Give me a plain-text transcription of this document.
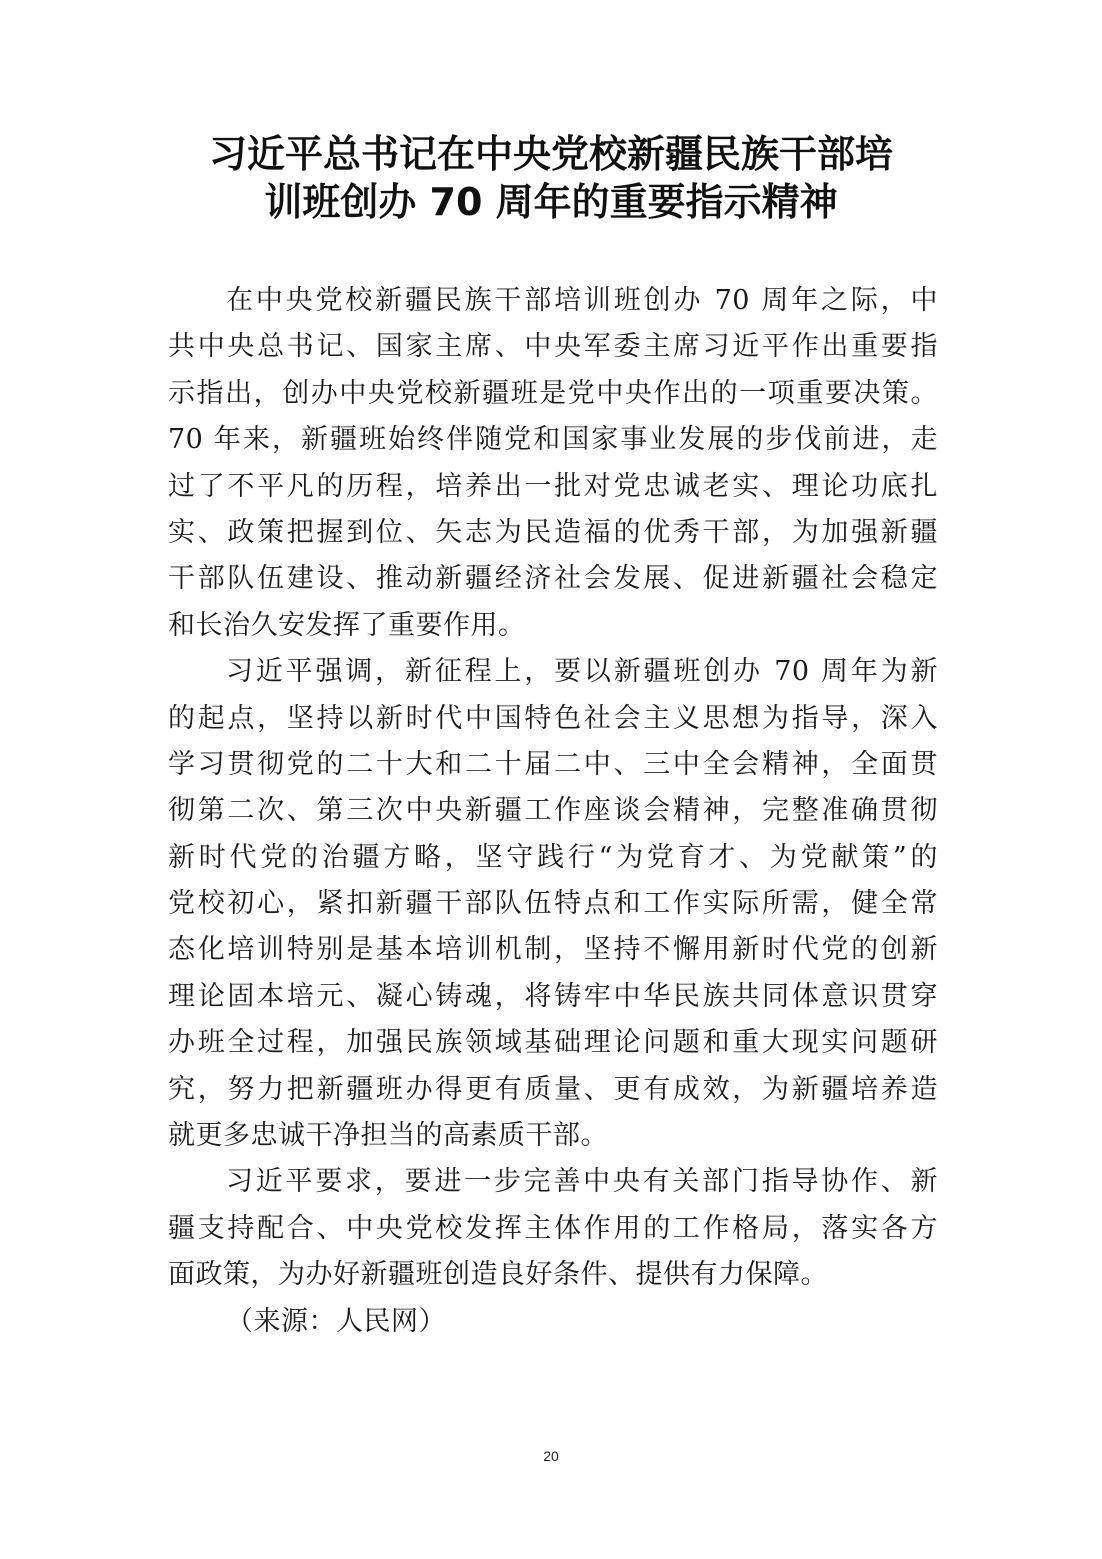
习近平总书记在中央党校新疆民族干部培
训班创办 70 周年的重要指示精神
在中央党校新疆民族干部培训班创办 70 周年之际，中
共中央总书记、国家主席、中央军委主席习近平作出重要指
示指出，创办中央党校新疆班是党中央作出的一项重要决策。
70 年来，新疆班始终伴随党和国家事业发展的步伐前进，走
过了不平凡的历程，培养出一批对党忠诚老实、理论功底扎
实、政策把握到位、矢志为民造福的优秀干部，为加强新疆
干部队伍建设、推动新疆经济社会发展、促进新疆社会稳定
和长治久安发挥了重要作用。
习近平强调，新征程上，要以新疆班创办 70 周年为新
的起点，坚持以新时代中国特色社会主义思想为指导，深入
学习贯彻党的二十大和二十届二中、三中全会精神，全面贯
彻第二次、第三次中央新疆工作座谈会精神，完整准确贯彻
新时代党的治疆方略，坚守践行“为党育才、为党献策”的
党校初心，紧扣新疆干部队伍特点和工作实际所需，健全常
态化培训特别是基本培训机制，坚持不懈用新时代党的创新
理论固本培元、凝心铸魂，将铸牢中华民族共同体意识贯穿
办班全过程，加强民族领域基础理论问题和重大现实问题研
究，努力把新疆班办得更有质量、更有成效，为新疆培养造
就更多忠诚干净担当的高素质干部。
习近平要求，要进一步完善中央有关部门指导协作、新
疆支持配合、中央党校发挥主体作用的工作格局，落实各方
面政策，为办好新疆班创造良好条件、提供有力保障。
（来源：人民网）
20
